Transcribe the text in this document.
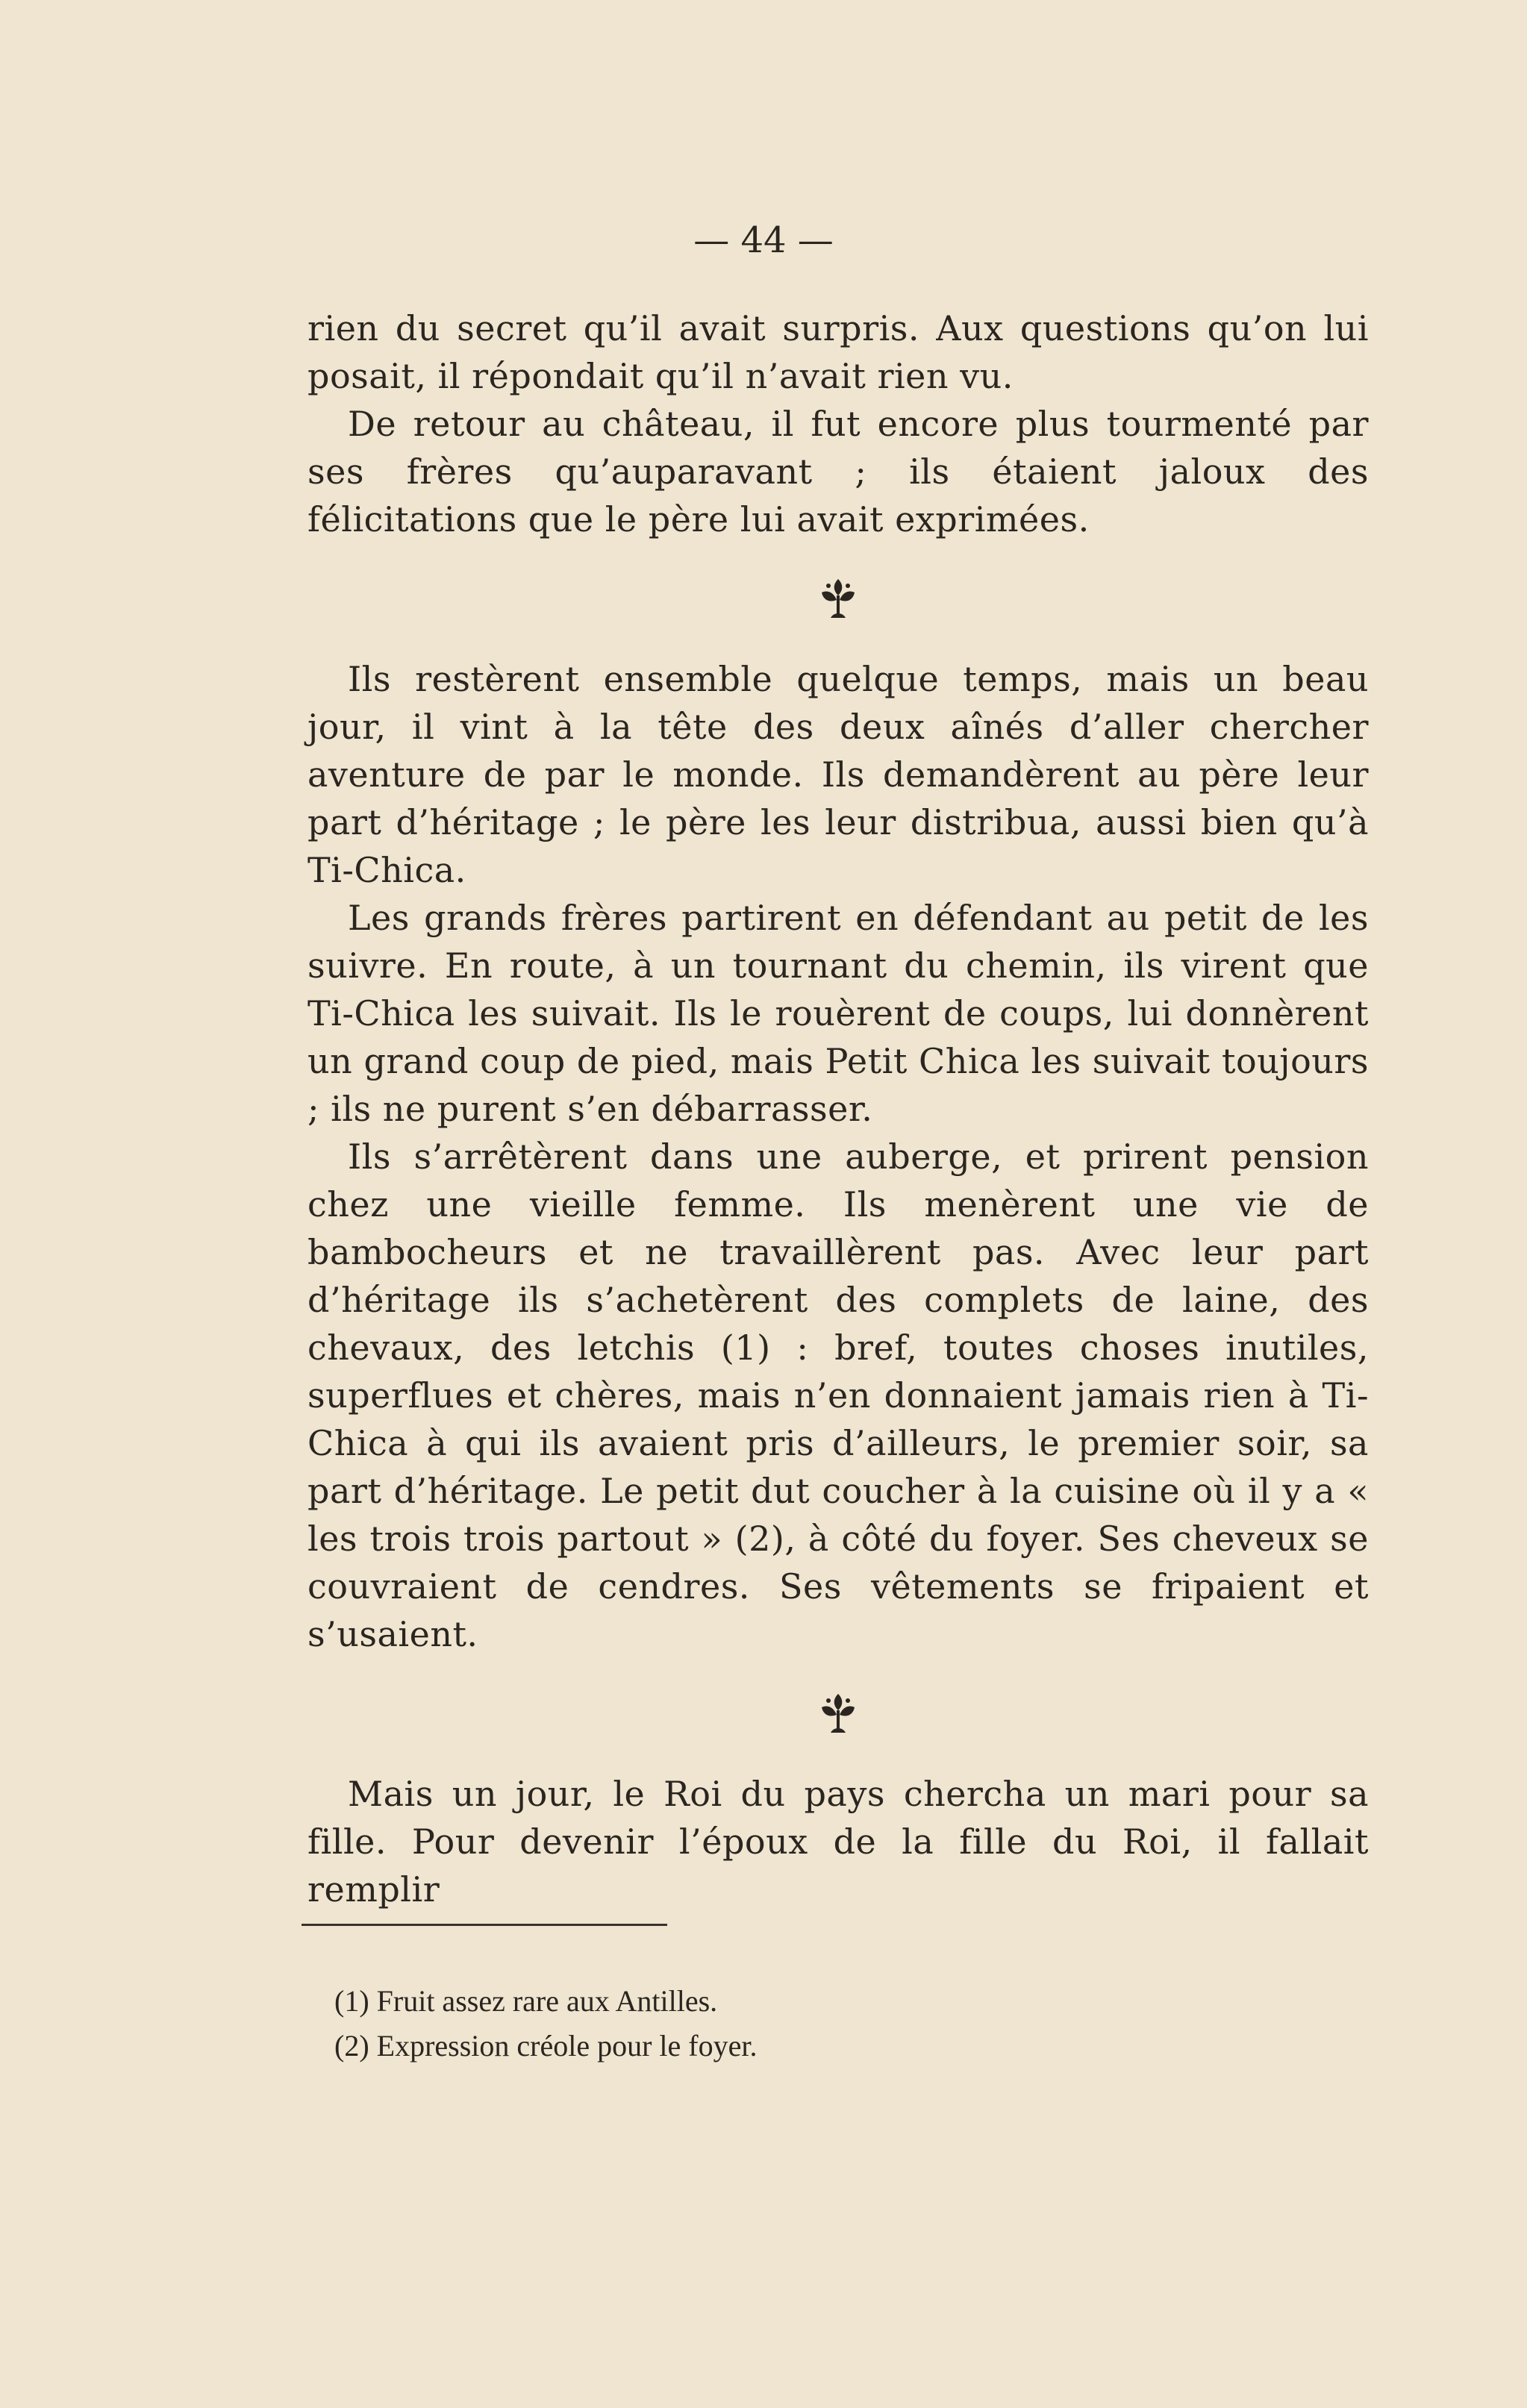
— 44 —

rien du secret qu’il avait surpris. Aux questions qu’on lui posait, il répondait qu’il n’avait rien vu.

De retour au château, il fut encore plus tourmenté par ses frères qu’auparavant ; ils étaient jaloux des félicitations que le père lui avait exprimées.

Ils restèrent ensemble quelque temps, mais un beau jour, il vint à la tête des deux aînés d’aller chercher aventure de par le monde. Ils demandèrent au père leur part d’héritage ; le père les leur distribua, aussi bien qu’à Ti-Chica.

Les grands frères partirent en défendant au petit de les suivre. En route, à un tournant du chemin, ils virent que Ti-Chica les suivait. Ils le rouèrent de coups, lui donnèrent un grand coup de pied, mais Petit Chica les suivait toujours ; ils ne purent s’en débarrasser.

Ils s’arrêtèrent dans une auberge, et prirent pension chez une vieille femme. Ils menèrent une vie de bambocheurs et ne travaillèrent pas. Avec leur part d’héritage ils s’achetèrent des complets de laine, des chevaux, des letchis (1) : bref, toutes choses inutiles, superflues et chères, mais n’en donnaient jamais rien à Ti-Chica à qui ils avaient pris d’ailleurs, le premier soir, sa part d’héritage. Le petit dut coucher à la cuisine où il y a « les trois trois partout » (2), à côté du foyer. Ses cheveux se couvraient de cendres. Ses vêtements se fripaient et s’usaient.

Mais un jour, le Roi du pays chercha un mari pour sa fille. Pour devenir l’époux de la fille du Roi, il fallait remplir

(1) Fruit assez rare aux Antilles.
(2) Expression créole pour le foyer.
